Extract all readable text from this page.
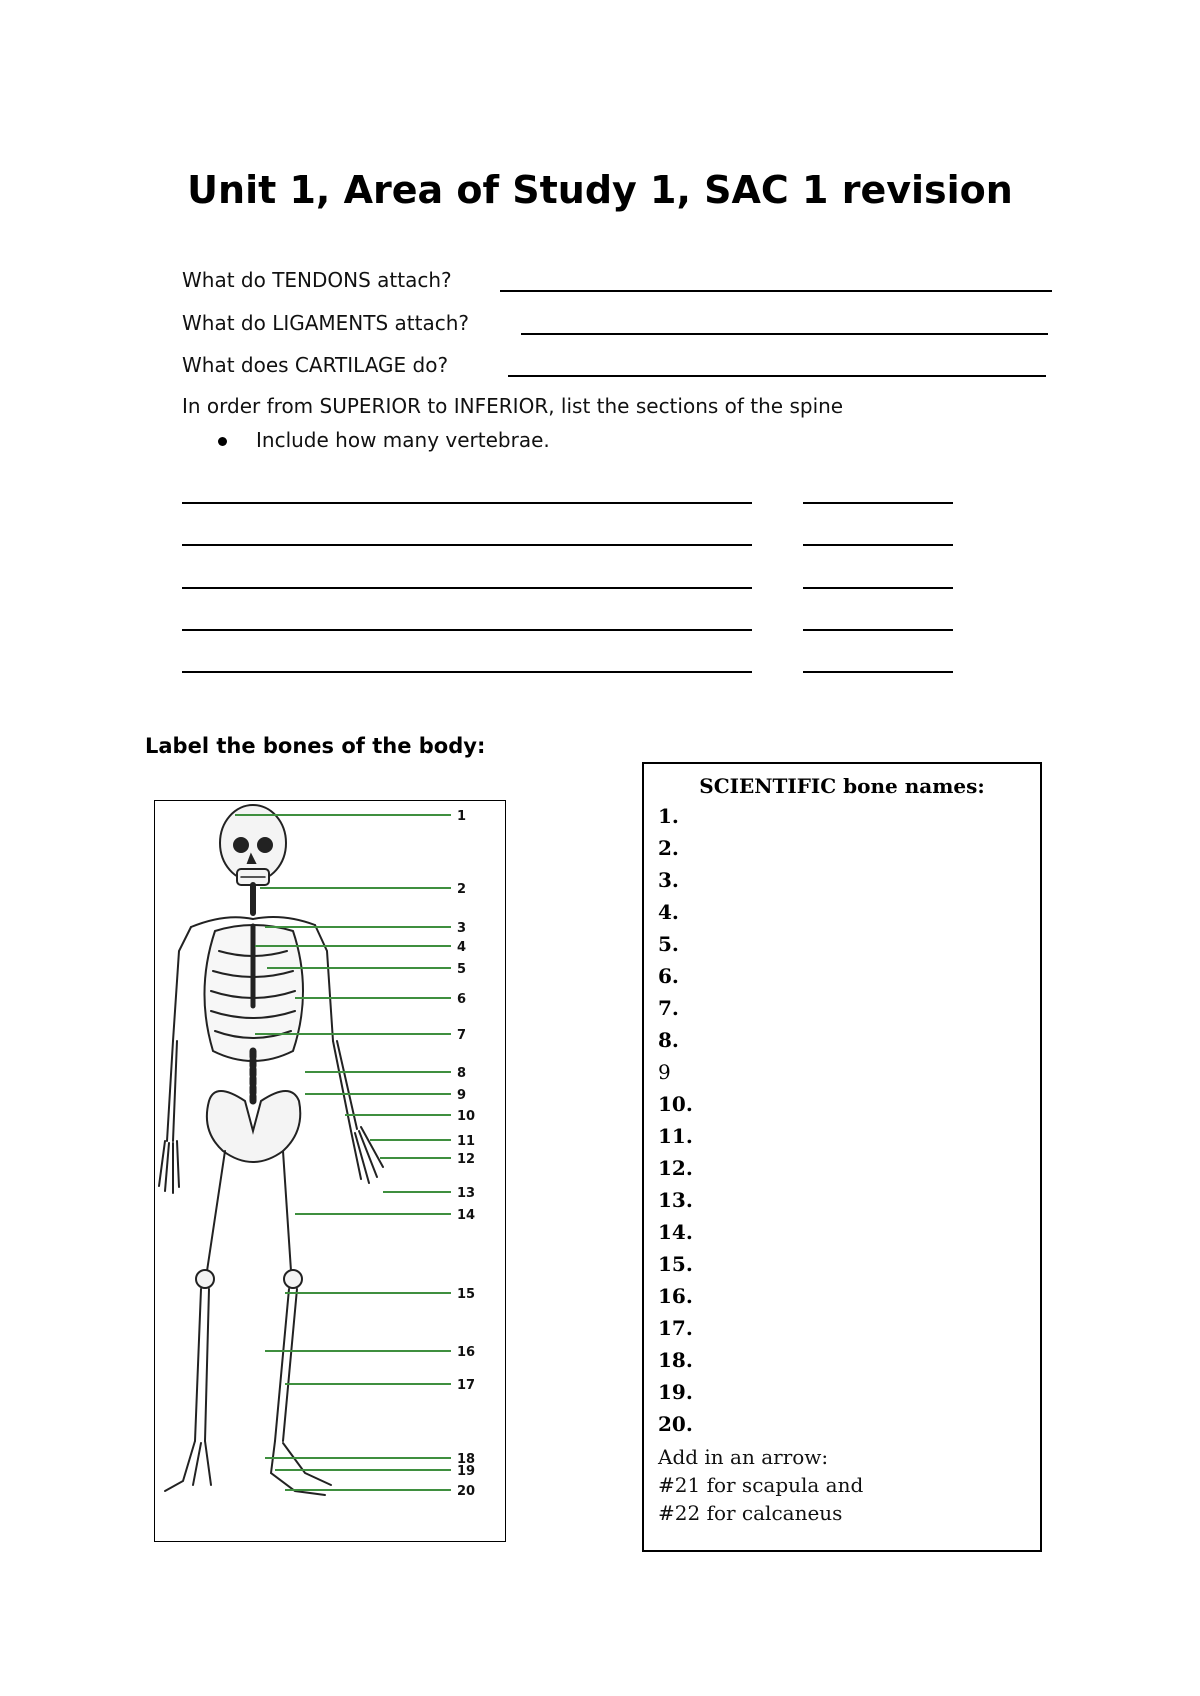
Unit 1, Area of Study 1, SAC 1 revision
What do TENDONS attach?
What do LIGAMENTS attach?
What does CARTILAGE do?
In order from SUPERIOR to INFERIOR, list the sections of the spine
Include how many vertebrae.
Label the bones of the body:
1
2
3
4
5
6
7
8
9
10
11
12
13
14
15
16
17
18
19
20
SCIENTIFIC bone names:
1.
2.
3.
4.
5.
6.
7.
8.
9
10.
11.
12.
13.
14.
15.
16.
17.
18.
19.
20.
Add in an arrow:
#21 for scapula and
#22 for calcaneus
